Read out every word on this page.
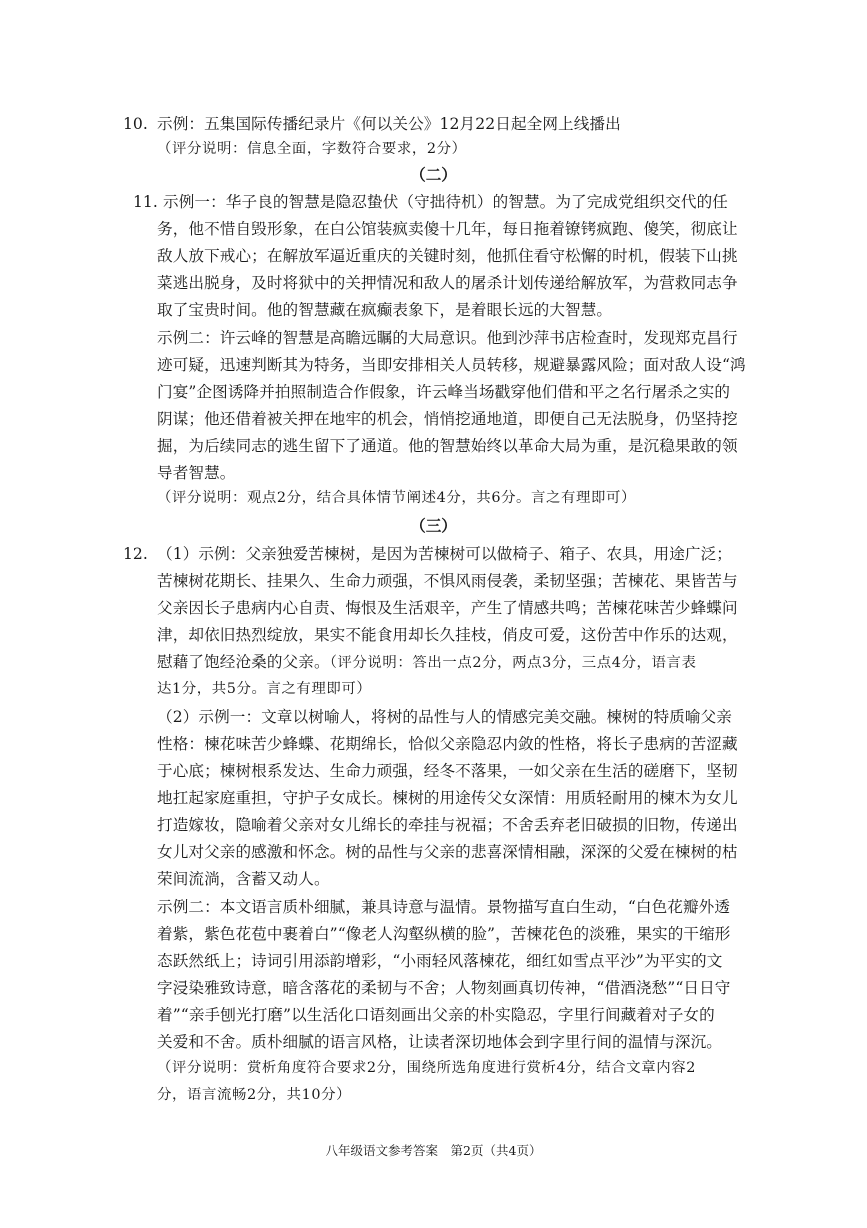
10. 示例：五集国际传播纪录片《何以关公》12月22日起全网上线播出
（评分说明：信息全面，字数符合要求，2分）
（二）
11. 示例一：华子良的智慧是隐忍蛰伏（守拙待机）的智慧。为了完成党组织交代的任
务，他不惜自毁形象，在白公馆装疯卖傻十几年，每日拖着镣铐疯跑、傻笑，彻底让
敌人放下戒心；在解放军逼近重庆的关键时刻，他抓住看守松懈的时机，假装下山挑
菜逃出脱身，及时将狱中的关押情况和敌人的屠杀计划传递给解放军，为营救同志争
取了宝贵时间。他的智慧藏在疯癫表象下，是着眼长远的大智慧。
示例二：许云峰的智慧是高瞻远瞩的大局意识。他到沙萍书店检查时，发现郑克昌行
迹可疑，迅速判断其为特务，当即安排相关人员转移，规避暴露风险；面对敌人设“鸿
门宴”企图诱降并拍照制造合作假象，许云峰当场戳穿他们借和平之名行屠杀之实的
阴谋；他还借着被关押在地牢的机会，悄悄挖通地道，即便自己无法脱身，仍坚持挖
掘，为后续同志的逃生留下了通道。他的智慧始终以革命大局为重，是沉稳果敢的领
导者智慧。
（评分说明：观点2分，结合具体情节阐述4分，共6分。言之有理即可）
（三）
12. （1）示例：父亲独爱苦楝树，是因为苦楝树可以做椅子、箱子、农具，用途广泛；
苦楝树花期长、挂果久、生命力顽强，不惧风雨侵袭，柔韧坚强；苦楝花、果皆苦与
父亲因长子患病内心自责、悔恨及生活艰辛，产生了情感共鸣；苦楝花味苦少蜂蝶问
津，却依旧热烈绽放，果实不能食用却长久挂枝，俏皮可爱，这份苦中作乐的达观，
慰藉了饱经沧桑的父亲。（评分说明：答出一点2分，两点3分，三点4分，语言表
达1分，共5分。言之有理即可）
（2）示例一：文章以树喻人，将树的品性与人的情感完美交融。楝树的特质喻父亲
性格：楝花味苦少蜂蝶、花期绵长，恰似父亲隐忍内敛的性格，将长子患病的苦涩藏
于心底；楝树根系发达、生命力顽强，经冬不落果，一如父亲在生活的磋磨下，坚韧
地扛起家庭重担，守护子女成长。楝树的用途传父女深情：用质轻耐用的楝木为女儿
打造嫁妆，隐喻着父亲对女儿绵长的牵挂与祝福；不舍丢弃老旧破损的旧物，传递出
女儿对父亲的感激和怀念。树的品性与父亲的悲喜深情相融，深深的父爱在楝树的枯
荣间流淌，含蓄又动人。
示例二：本文语言质朴细腻，兼具诗意与温情。景物描写直白生动，“白色花瓣外透
着紫，紫色花苞中裹着白”“像老人沟壑纵横的脸”，苦楝花色的淡雅，果实的干缩形
态跃然纸上；诗词引用添韵增彩，“小雨轻风落楝花，细红如雪点平沙”为平实的文
字浸染雅致诗意，暗含落花的柔韧与不舍；人物刻画真切传神，“借酒浇愁”“日日守
着”“亲手刨光打磨”以生活化口语刻画出父亲的朴实隐忍，字里行间藏着对子女的
关爱和不舍。质朴细腻的语言风格，让读者深切地体会到字里行间的温情与深沉。
（评分说明：赏析角度符合要求2分，围绕所选角度进行赏析4分，结合文章内容2
分，语言流畅2分，共10分）
八年级语文参考答案　第2页（共4页）
